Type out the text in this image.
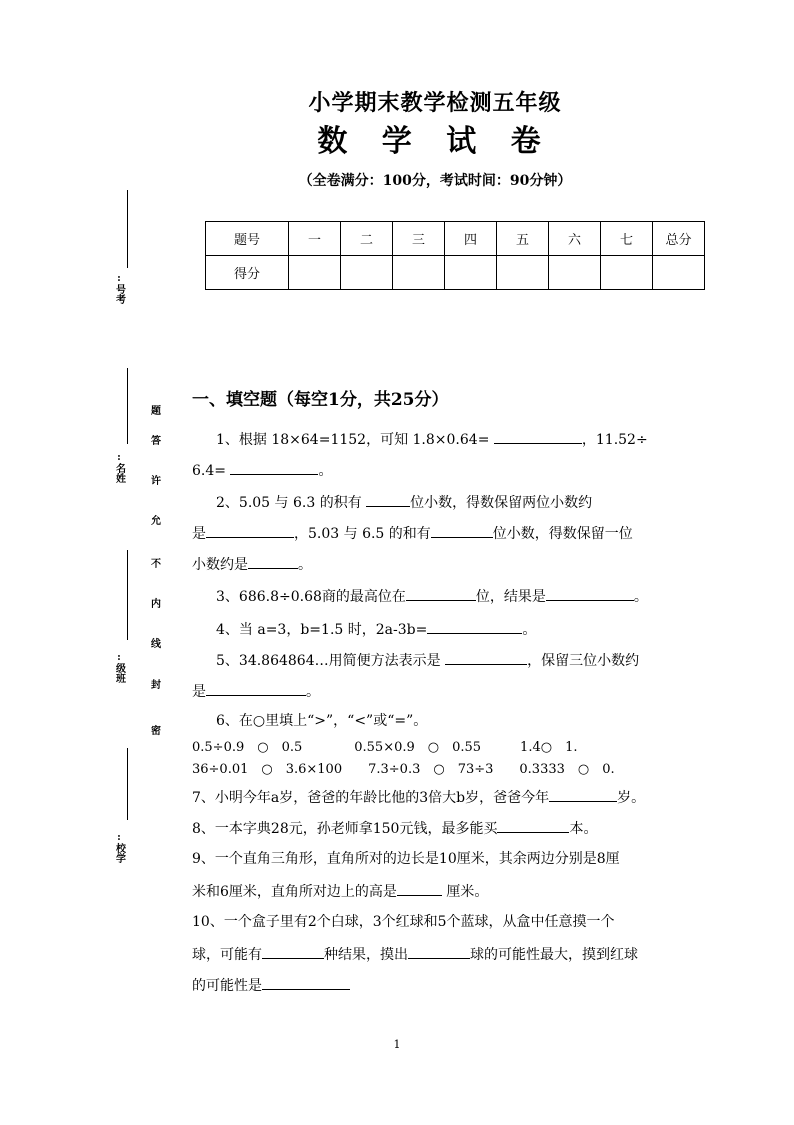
小学期末教学检测五年级
数 学 试 卷
（全卷满分：100分，考试时间：90分钟）
题号	一	二	三	四	五	六	七	总分
得分								
:
号考
:
名姓
:
级班
:
校学
题
答
许
允
不
内
线
封
密
一、填空题（每空1分，共25分）
1、根据 18×64=1152，可知 1.8×0.64=	，11.52÷
6.4=	。
2、5.05 与 6.3 的积有	位小数，得数保留两位小数约
是	，5.03 与 6.5 的和有	位小数，得数保留一位
小数约是	。
3、686.8÷0.68商的最高位在	位，结果是	。
4、当 a=3，b=1.5 时，2a-3b=	。
5、34.864864…用简便方法表示是	，保留三位小数约
是	。
6、在○里填上“>”，“<”或“=”。
0.5÷0.9　○　0.5　　　　0.55×0.9　○　0.55　　　1.4○　1.
36÷0.01　○　3.6×100　　7.3÷0.3　○　73÷3　　0.3333　○　0.
7、小明今年a岁，爸爸的年龄比他的3倍大b岁，爸爸今年	岁。
8、一本字典28元，孙老师拿150元钱，最多能买	本。
9、一个直角三角形，直角所对的边长是10厘米，其余两边分别是8厘
米和6厘米，直角所对边上的高是	厘米。
10、一个盒子里有2个白球，3个红球和5个蓝球，从盒中任意摸一个
球，可能有	种结果，摸出	球的可能性最大，摸到红球
的可能性是
1
